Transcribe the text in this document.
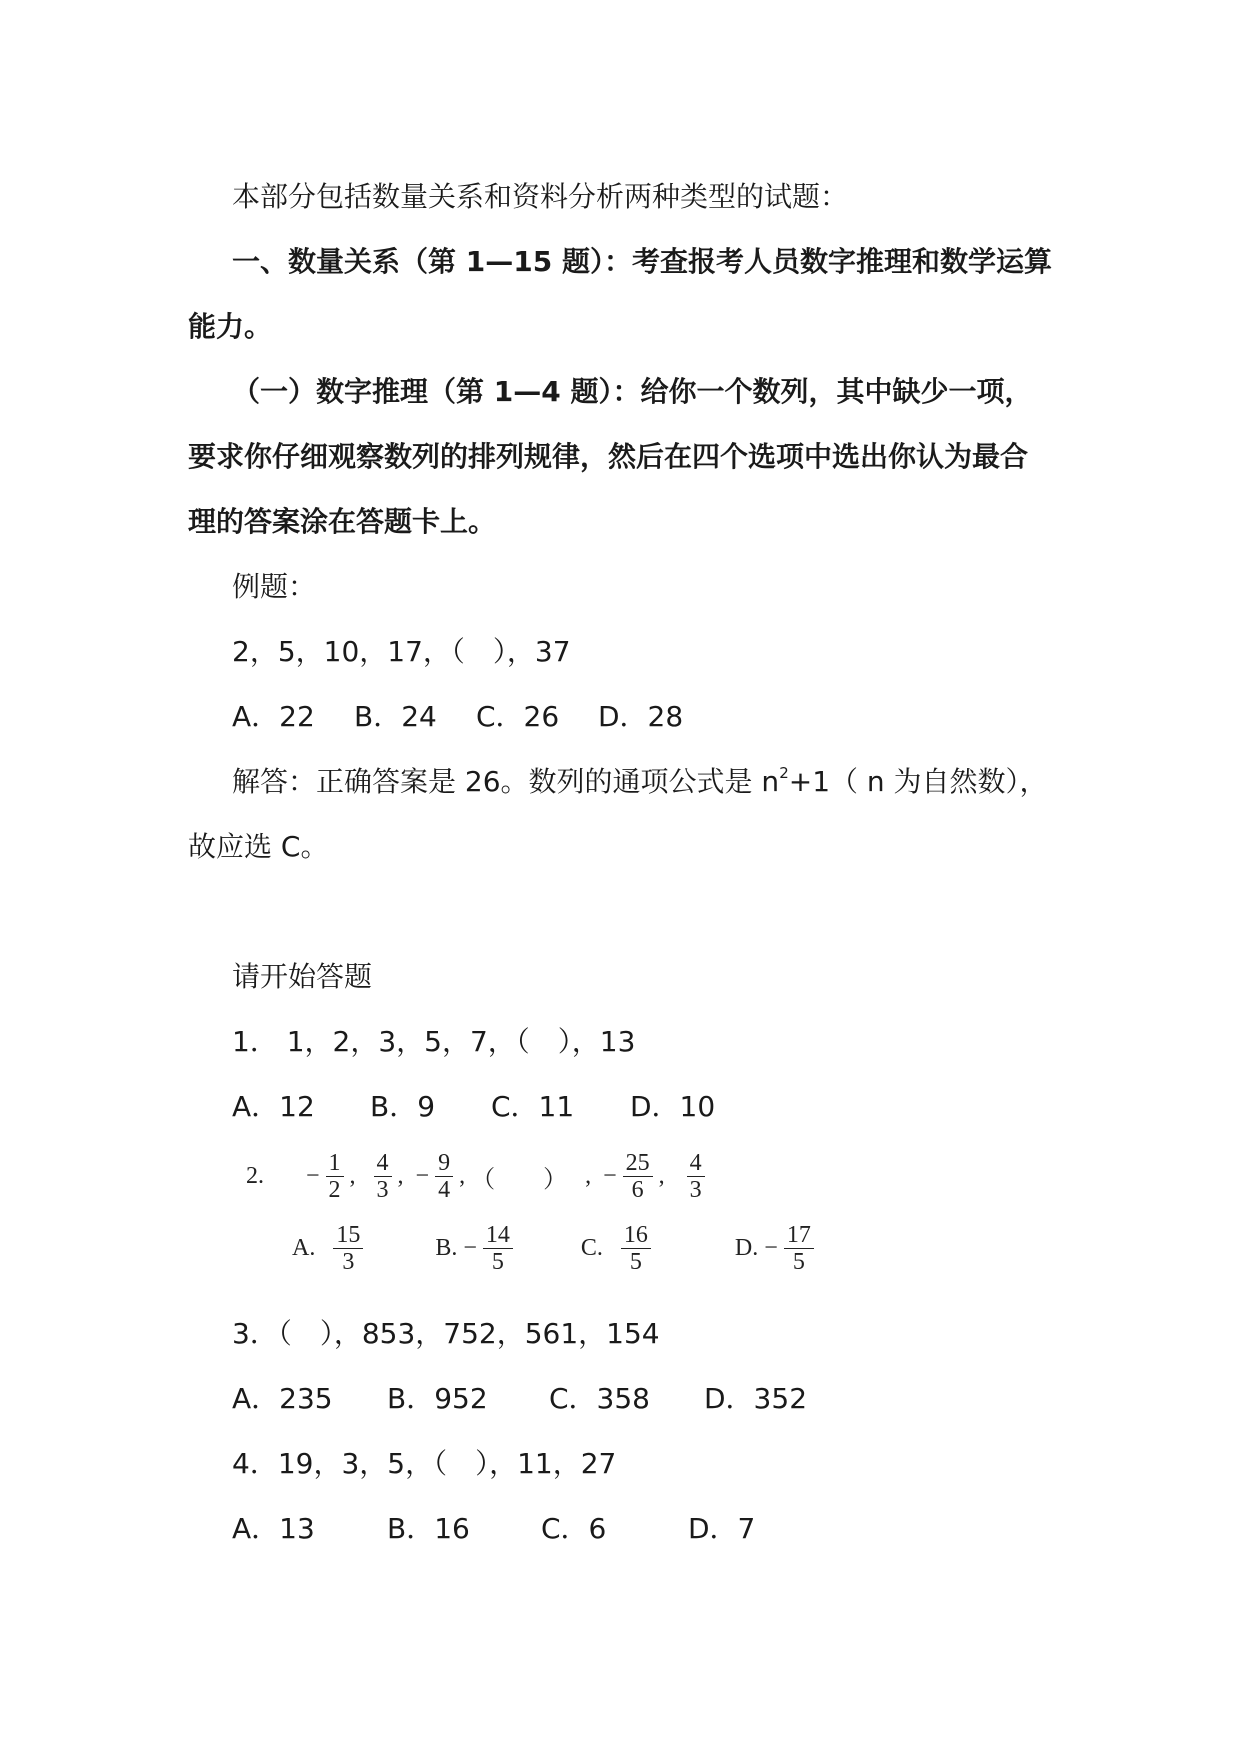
本部分包括数量关系和资料分析两种类型的试题：
一、数量关系（第 1—15 题）：考查报考人员数字推理和数学运算
能力。
（一）数字推理（第 1—4 题）：给你一个数列，其中缺少一项，
要求你仔细观察数列的排列规律，然后在四个选项中选出你认为最合
理的答案涂在答题卡上。
例题：
2，5，10，17，（　），37
A．22 B．24 C．26 D．28
解答：正确答案是 26。数列的通项公式是 $n^2+1$（ n 为自然数），
故应选 C。
请开始答题
1． 1，2，3，5，7，（　），13
A．12 B．9 C．11 D．10
2. − $\frac{1}{2}$ , $\frac{4}{3}$ , − $\frac{9}{4}$ , （　　） , − $\frac{25}{6}$ , $\frac{4}{3}$
A. $\frac{15}{3}$	B. − $\frac{14}{5}$	C. $\frac{16}{5}$	D. − $\frac{17}{5}$
3．（　），853，752，561，154
A．235 B．952 C．358 D．352
4．19，3，5，（　），11，27
A．13	B．16	C．6	D．7
